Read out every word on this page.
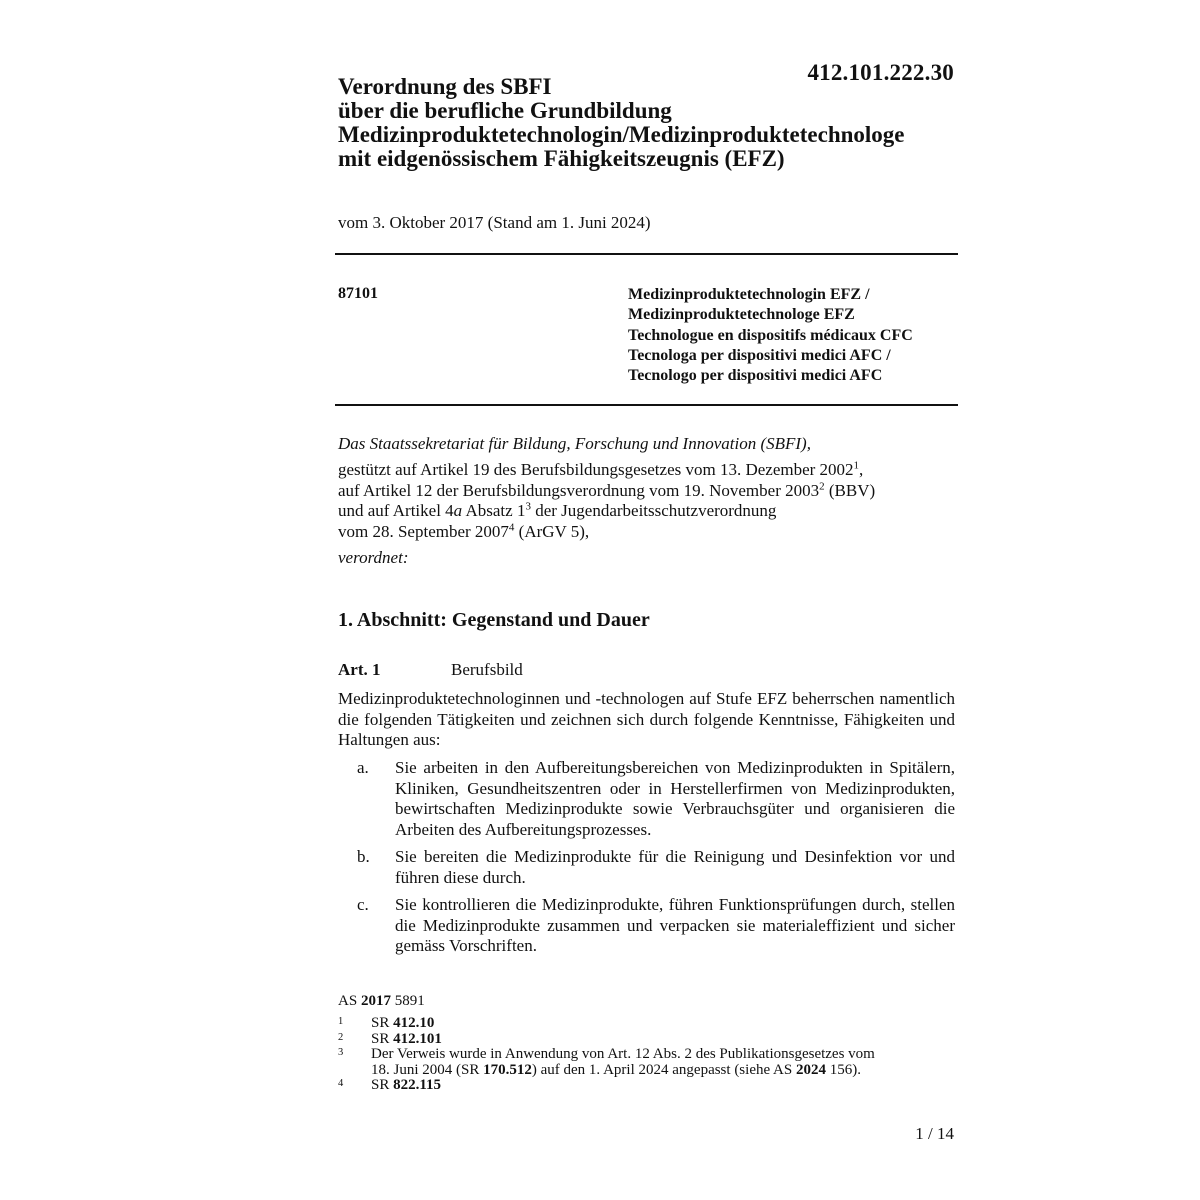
412.101.222.30
Verordnung des SBFI
über die berufliche Grundbildung
Medizinproduktetechnologin/Medizinproduktetechnologe
mit eidgenössischem Fähigkeitszeugnis (EFZ)
vom 3. Oktober 2017 (Stand am 1. Juni 2024)
87101	Medizinproduktetechnologin EFZ /
Medizinproduktetechnologe EFZ
Technologue en dispositifs médicaux CFC
Tecnologa per dispositivi medici AFC /
Tecnologo per dispositivi medici AFC
Das Staatssekretariat für Bildung, Forschung und Innovation (SBFI),
gestützt auf Artikel 19 des Berufsbildungsgesetzes vom 13. Dezember 2002$^1$,
auf Artikel 12 der Berufsbildungsverordnung vom 19. November 2003$^2$ (BBV)
und auf Artikel 4a Absatz $1^3$ der Jugendarbeitsschutzverordnung
vom 28. September 2007$^4$ (ArGV 5),
verordnet:
1. Abschnitt: Gegenstand und Dauer
Art. 1	Berufsbild
Medizinproduktetechnologinnen und -technologen auf Stufe EFZ beherrschen namentlich die folgenden Tätigkeiten und zeichnen sich durch folgende Kenntnisse, Fähigkeiten und Haltungen aus:
a. Sie arbeiten in den Aufbereitungsbereichen von Medizinprodukten in Spitälern, Kliniken, Gesundheitszentren oder in Herstellerfirmen von Medizinprodukten, bewirtschaften Medizinprodukte sowie Verbrauchsgüter und organisieren die Arbeiten des Aufbereitungsprozesses.
b. Sie bereiten die Medizinprodukte für die Reinigung und Desinfektion vor und führen diese durch.
c. Sie kontrollieren die Medizinprodukte, führen Funktionsprüfungen durch, stellen die Medizinprodukte zusammen und verpacken sie materialeffizient und sicher gemäss Vorschriften.
AS 2017 5891
1 SR 412.10
2 SR 412.101
3 Der Verweis wurde in Anwendung von Art. 12 Abs. 2 des Publikationsgesetzes vom
18. Juni 2004 (SR 170.512) auf den 1. April 2024 angepasst (siehe AS 2024 156).
4 SR 822.115
1 / 14
